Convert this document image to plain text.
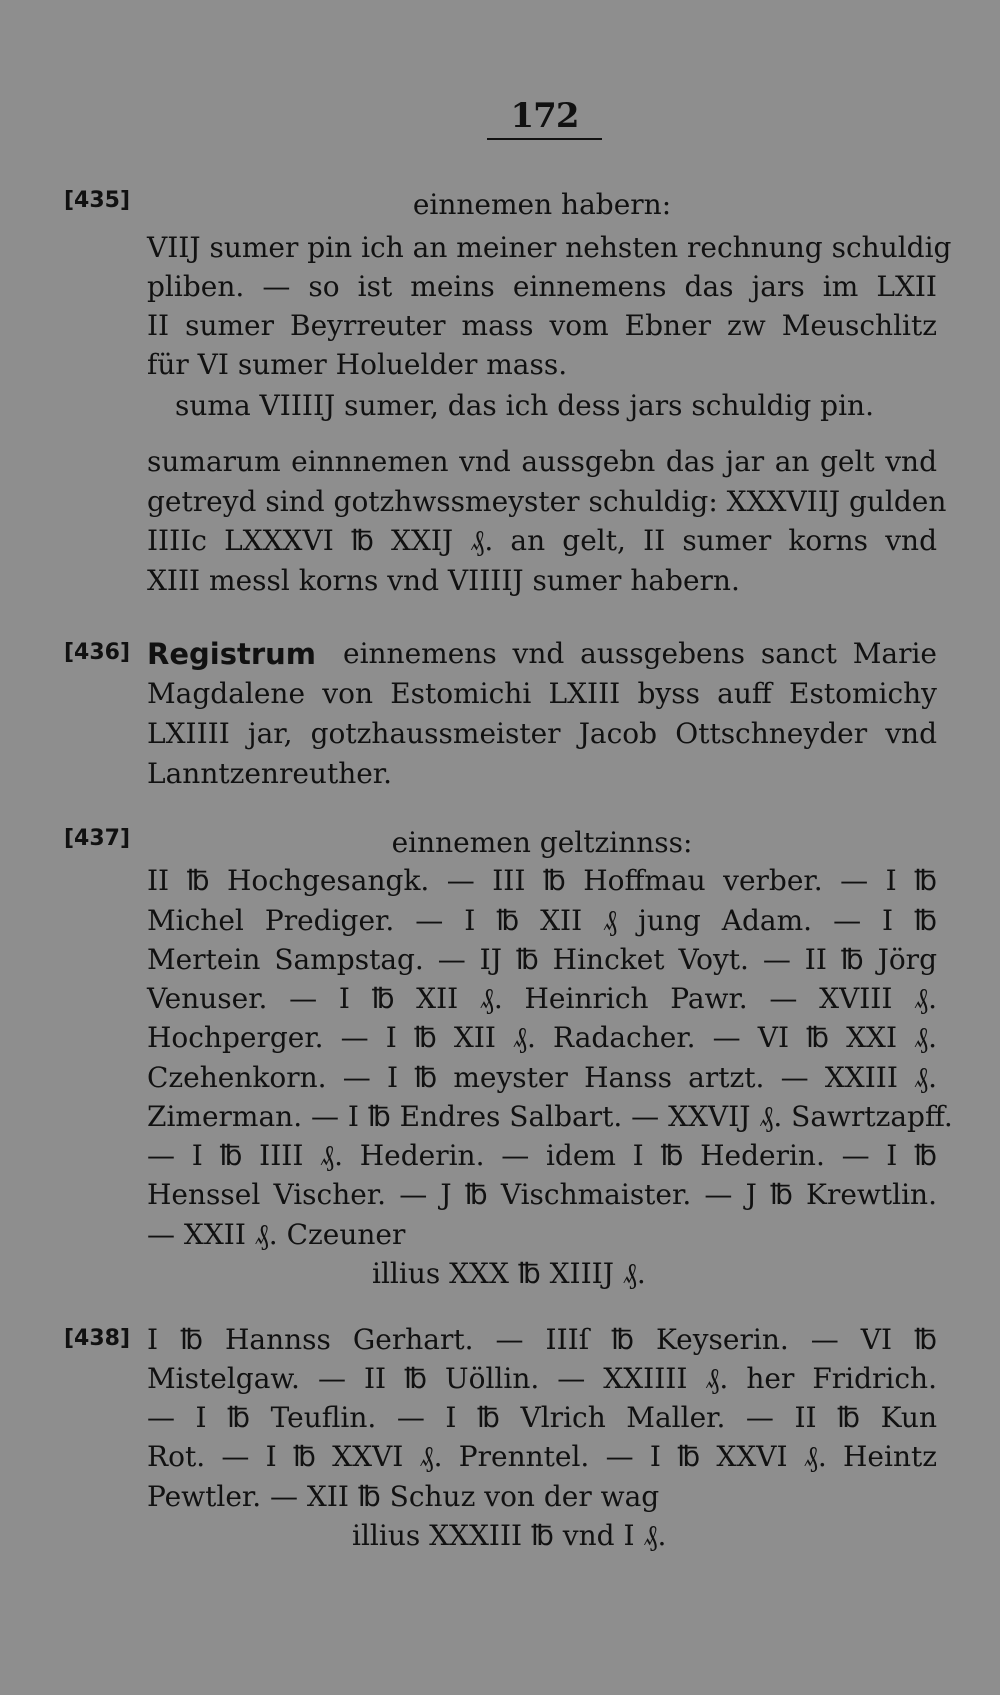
172
[435]	einnemen habern:
VIIJ sumer pin ich an meiner nehsten rechnung schuldig
pliben. — so ist meins einnemens das jars im LXII
II sumer Beyrreuter mass vom Ebner zw Meuschlitz
für VI sumer Holuelder mass.
suma VIIIIJ sumer, das ich dess jars schuldig pin.
sumarum einnnemen vnd aussgebn das jar an gelt vnd
getreyd sind gotzhwssmeyster schuldig: XXXVIIJ gulden
IIIIc LXXXVI ℔ XXIJ ₰. an gelt, II sumer korns vnd
XIII messl korns vnd VIIIIJ sumer habern.
[436] Registrum einnemens vnd aussgebens sanct Marie
Magdalene von Estomichi LXIII byss auff Estomichy
LXIIII jar, gotzhaussmeister Jacob Ottschneyder vnd
Lanntzenreuther.
[437]	einnemen geltzinnss:
II ℔ Hochgesangk. — III ℔ Hoffmau verber. — I ℔
Michel Prediger. — I ℔ XII ₰ jung Adam. — I ℔
Mertein Sampstag. — IJ ℔ Hincket Voyt. — II ℔ Jörg
Venuser. — I ℔ XII ₰. Heinrich Pawr. — XVIII ₰.
Hochperger. — I ℔ XII ₰. Radacher. — VI ℔ XXI ₰.
Czehenkorn. — I ℔ meyster Hanss artzt. — XXIII ₰.
Zimerman. — I ℔ Endres Salbart. — XXVIJ ₰. Sawrtzapff.
— I ℔ IIII ₰. Hederin. — idem I ℔ Hederin. — I ℔
Henssel Vischer. — J ℔ Vischmaister. — J ℔ Krewtlin.
— XXII ₰. Czeuner
illius XXX ℔ XIIIJ ₰.
[438] I ℔ Hannss Gerhart. — IIIſ ℔ Keyserin. — VI ℔
Mistelgaw. — II ℔ Uöllin. — XXIIII ₰. her Fridrich.
— I ℔ Teuflin. — I ℔ Vlrich Maller. — II ℔ Kun
Rot. — I ℔ XXVI ₰. Prenntel. — I ℔ XXVI ₰. Heintz
Pewtler. — XII ℔ Schuz von der wag
illius XXXIII ℔ vnd I ₰.
